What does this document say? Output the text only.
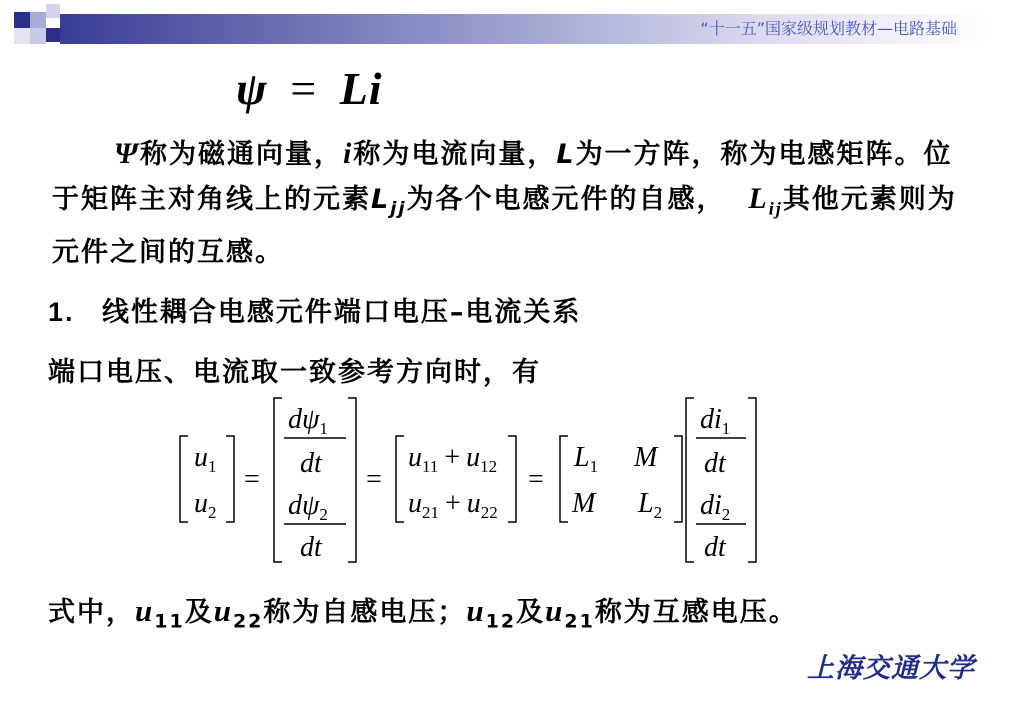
“十一五”国家级规划教材—电路基础
ψ = Li
Ψ称为磁通向量，i称为电流向量，L为一方阵，称为电感矩阵。位于矩阵主对角线上的元素$L_{jj}$为各个电感元件的自感， $L_{ij}$其他元素则为元件之间的互感。
1. 线性耦合电感元件端口电压–电流关系
端口电压、电流取一致参考方向时，有
$u_1$
$u_2$
=
$d\psi_1$
dt
$d\psi_2$
dt
=
$u_{11} + u_{12}$
$u_{21} + u_{22}$
=
$L_1$ M
M $L_2$
$di_1$
dt
$di_2$
dt
式中，$u_{11}$及$u_{22}$称为自感电压；$u_{12}$及$u_{21}$称为互感电压。
上海交通大学
